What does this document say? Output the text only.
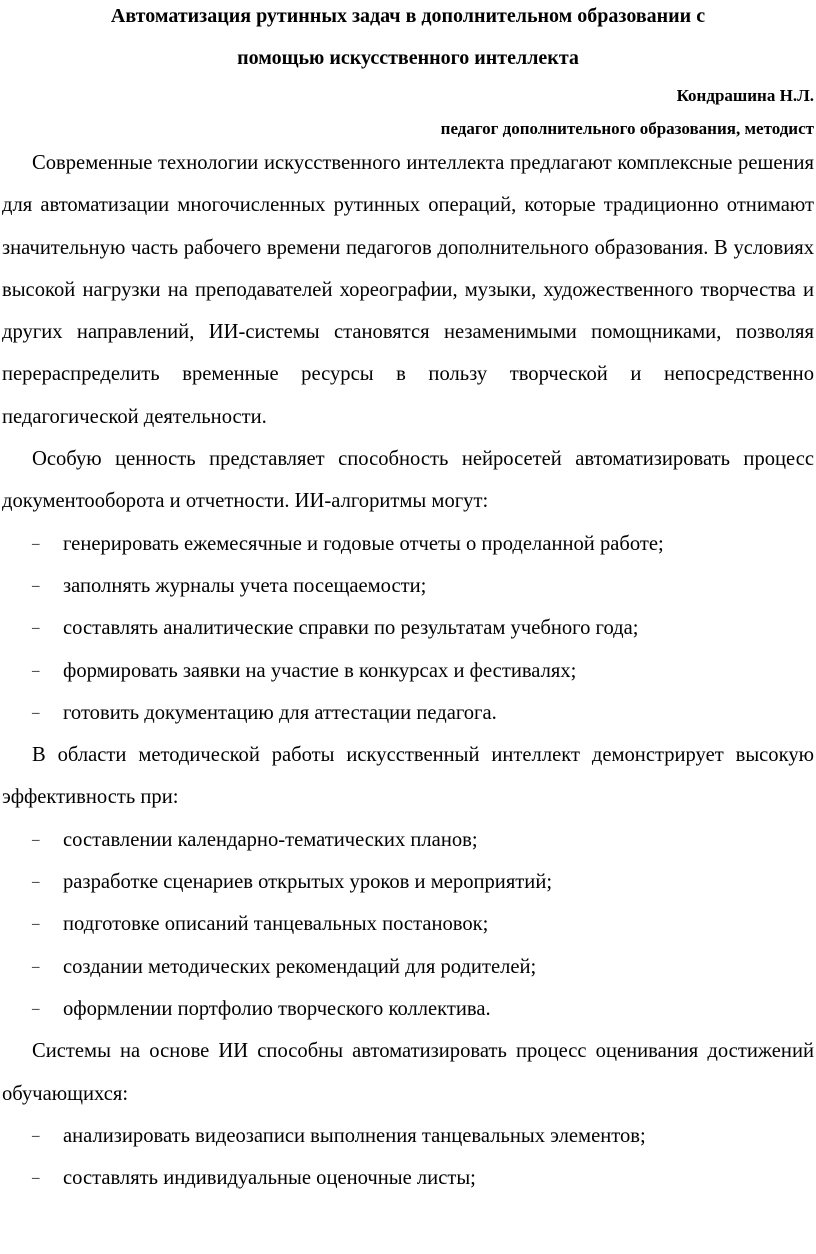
Автоматизация рутинных задач в дополнительном образовании с
помощью искусственного интеллекта

Кондрашина Н.Л.

педагог дополнительного образования, методист

Современные технологии искусственного интеллекта предлагают комплексные решения для автоматизации многочисленных рутинных операций, которые традиционно отнимают значительную часть рабочего времени педагогов дополнительного образования. В условиях высокой нагрузки на преподавателей хореографии, музыки, художественного творчества и других направлений, ИИ-системы становятся незаменимыми помощниками, позволяя перераспределить временные ресурсы в пользу творческой и непосредственно педагогической деятельности.

Особую ценность представляет способность нейросетей автоматизировать процесс документооборота и отчетности. ИИ-алгоритмы могут:

– генерировать ежемесячные и годовые отчеты о проделанной работе;
– заполнять журналы учета посещаемости;
– составлять аналитические справки по результатам учебного года;
– формировать заявки на участие в конкурсах и фестивалях;
– готовить документацию для аттестации педагога.

В области методической работы искусственный интеллект демонстрирует высокую эффективность при:

– составлении календарно-тематических планов;
– разработке сценариев открытых уроков и мероприятий;
– подготовке описаний танцевальных постановок;
– создании методических рекомендаций для родителей;
– оформлении портфолио творческого коллектива.

Системы на основе ИИ способны автоматизировать процесс оценивания достижений обучающихся:

– анализировать видеозаписи выполнения танцевальных элементов;
– составлять индивидуальные оценочные листы;
